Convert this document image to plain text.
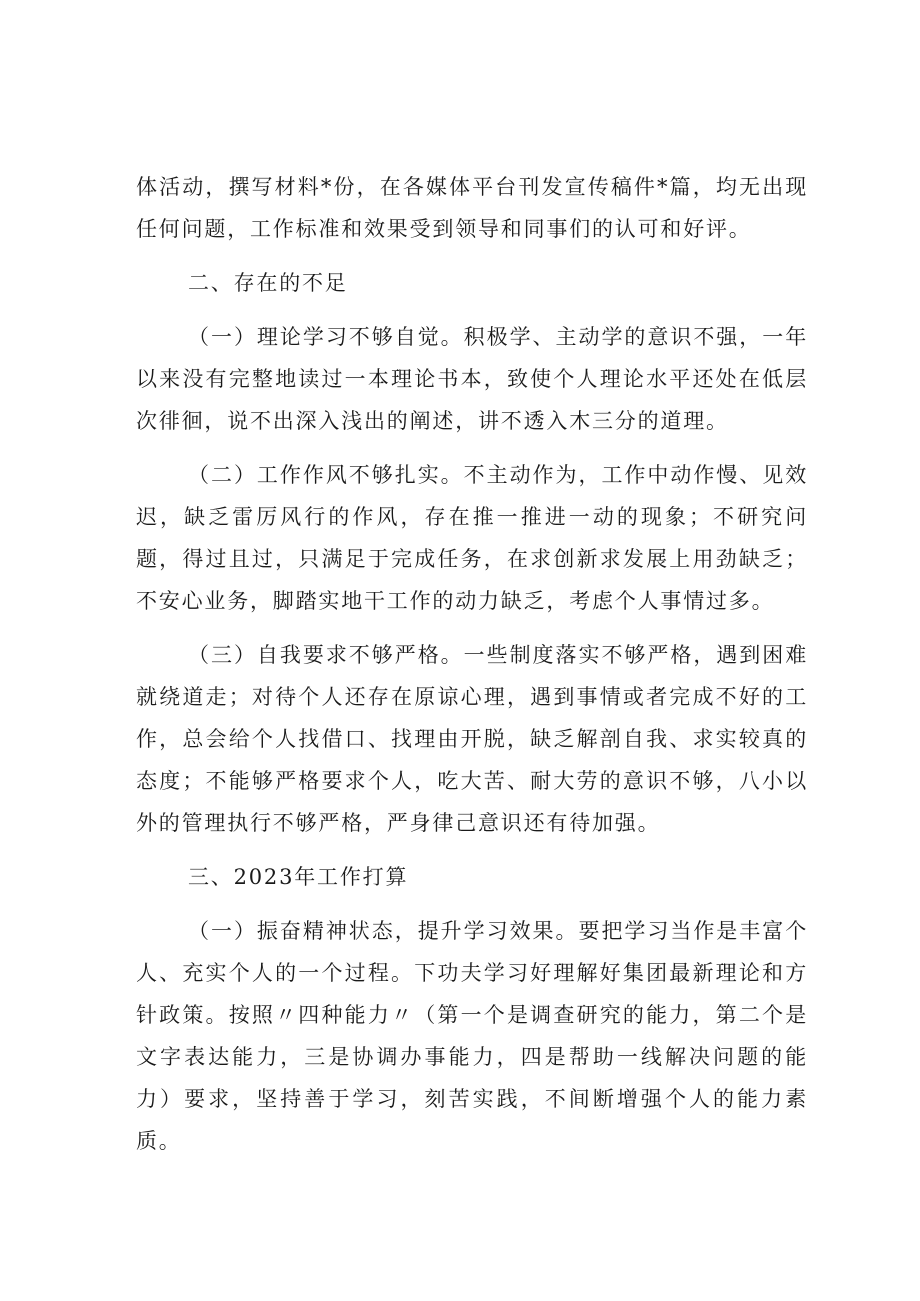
体活动，撰写材料*份，在各媒体平台刊发宣传稿件*篇，均无出现任何问题，工作标准和效果受到领导和同事们的认可和好评。

二、存在的不足

（一）理论学习不够自觉。积极学、主动学的意识不强，一年以来没有完整地读过一本理论书本，致使个人理论水平还处在低层次徘徊，说不出深入浅出的阐述，讲不透入木三分的道理。

（二）工作作风不够扎实。不主动作为，工作中动作慢、见效迟，缺乏雷厉风行的作风，存在推一推进一动的现象；不研究问题，得过且过，只满足于完成任务，在求创新求发展上用劲缺乏；不安心业务，脚踏实地干工作的动力缺乏，考虑个人事情过多。

（三）自我要求不够严格。一些制度落实不够严格，遇到困难就绕道走；对待个人还存在原谅心理，遇到事情或者完成不好的工作，总会给个人找借口、找理由开脱，缺乏解剖自我、求实较真的态度；不能够严格要求个人，吃大苦、耐大劳的意识不够，八小以外的管理执行不够严格，严身律己意识还有待加强。

三、2023年工作打算

（一）振奋精神状态，提升学习效果。要把学习当作是丰富个人、充实个人的一个过程。下功夫学习好理解好集团最新理论和方针政策。按照〃四种能力〃（第一个是调查研究的能力，第二个是文字表达能力，三是协调办事能力，四是帮助一线解决问题的能力）要求，坚持善于学习，刻苦实践，不间断增强个人的能力素质。
